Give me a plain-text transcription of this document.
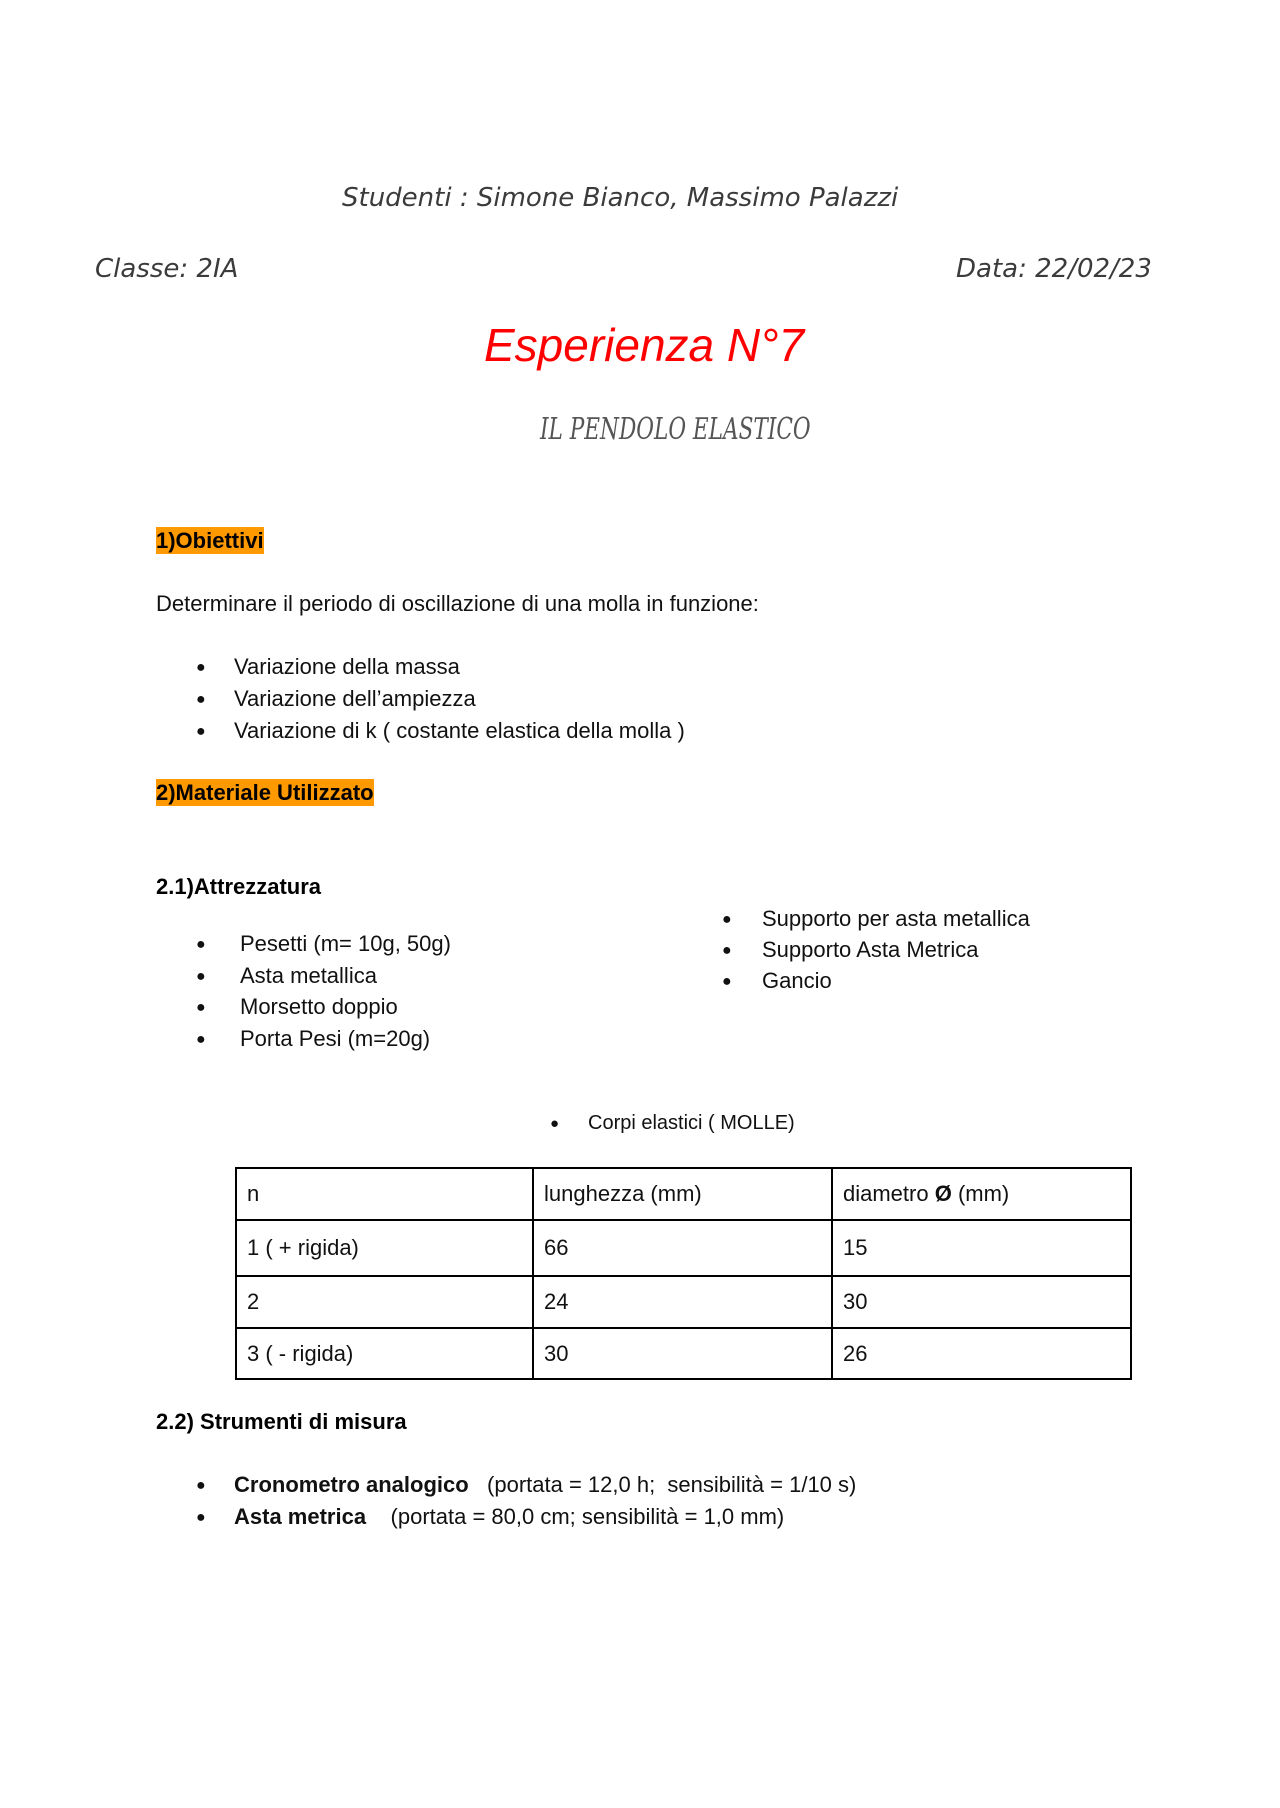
Studenti : Simone Bianco, Massimo Palazzi
Classe: 2IA	Data: 22/02/23
Esperienza N°7
IL PENDOLO ELASTICO
1)Obiettivi
Determinare il periodo di oscillazione di una molla in funzione:
●	Variazione della massa
●	Variazione dell’ampiezza
●	Variazione di k ( costante elastica della molla )
2)Materiale Utilizzato
2.1)Attrezzatura
●	Pesetti (m= 10g, 50g)
●	Asta metallica
●	Morsetto doppio
●	Porta Pesi (m=20g)
●	Supporto per asta metallica
●	Supporto Asta Metrica
●	Gancio
●	Corpi elastici ( MOLLE)
n	lunghezza (mm)	diametro Ø (mm)
1 ( + rigida)	66	15
2	24	30
3 ( - rigida)	30	26
2.2) Strumenti di misura
●	Cronometro analogico (portata = 12,0 h;  sensibilità = 1/10 s)
●	Asta metrica (portata = 80,0 cm; sensibilità = 1,0 mm)
